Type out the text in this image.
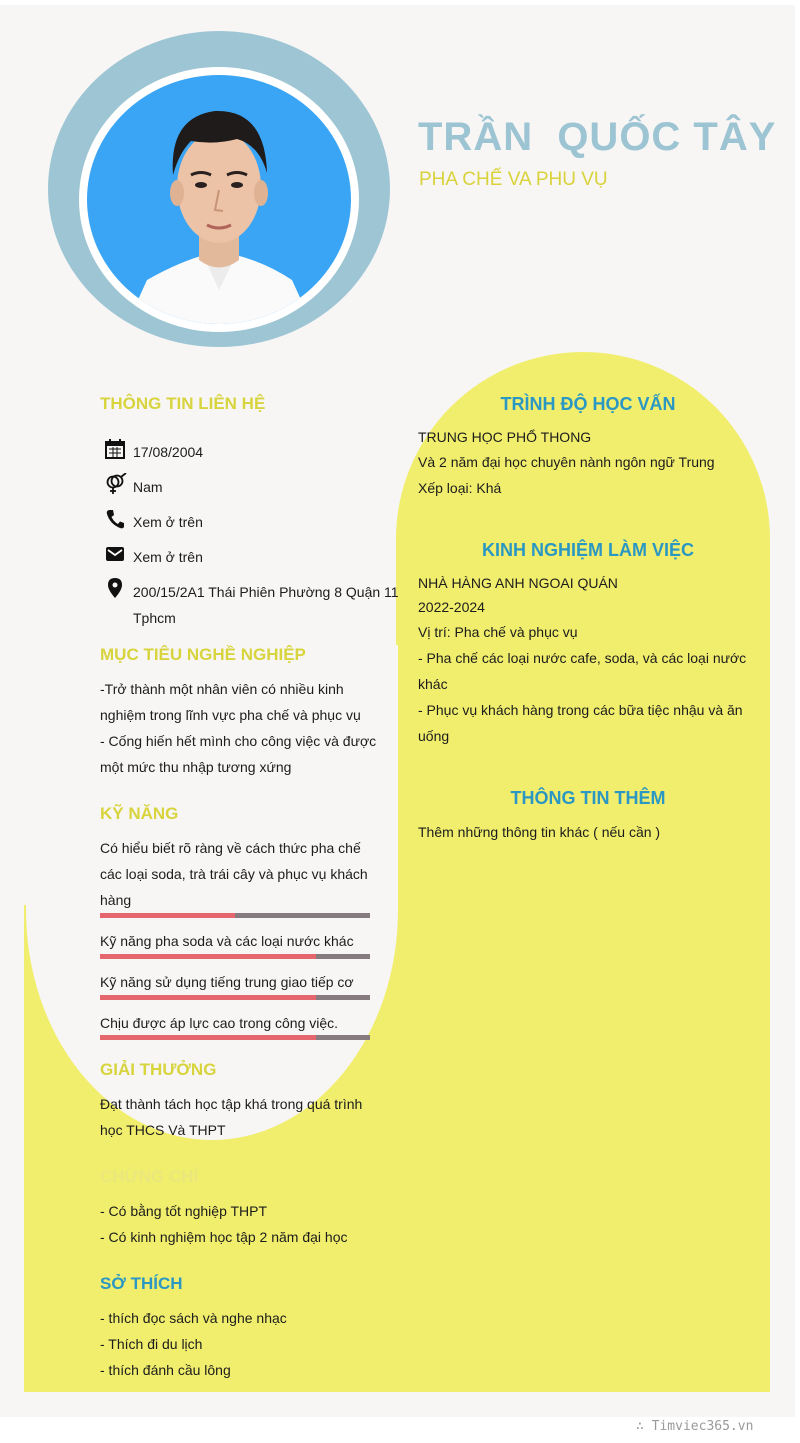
TRẦN  QUỐC TÂY
PHA CHẾ VA PHU VỤ
THÔNG TIN LIÊN HỆ
17/08/2004
Nam
Xem ở trên
Xem ở trên
200/15/2A1 Thái Phiên Phường 8 Quận 11
Tphcm
MỤC TIÊU NGHỀ NGHIỆP
-Trở thành một nhân viên có nhiều kinh
nghiệm trong lĩnh vực pha chế và phục vụ
- Cống hiến hết mình cho công việc và được
một mức thu nhập tương xứng
KỸ NĂNG
Có hiểu biết rõ ràng về cách thức pha chế
các loại soda, trà trái cây và phục vụ khách
hàng
Kỹ năng pha soda và các loại nước khác
Kỹ năng sử dụng tiếng trung giao tiếp cơ
Chịu được áp lực cao trong công việc.
GIẢI THƯỞNG
Đạt thành tách học tập khá trong quá trình
học THCS Và THPT
CHỨNG CHỈ
- Có bằng tốt nghiệp THPT
- Có kinh nghiệm học tập 2 năm đại học
SỞ THÍCH
- thích đọc sách và nghe nhạc
- Thích đi du lịch
- thích đánh cầu lông
TRÌNH ĐỘ HỌC VẤN
TRUNG HỌC PHỔ THONG
Và 2 năm đại học chuyên nành ngôn ngữ Trung
Xếp loại: Khá
KINH NGHIỆM LÀM VIỆC
NHÀ HÀNG ANH NGOAI QUÁN
2022-2024
Vị trí: Pha chế và phục vụ
- Pha chế các loại nước cafe, soda, và các loại nước
khác
- Phục vụ khách hàng trong các bữa tiệc nhậu và ăn
uống
THÔNG TIN THÊM
Thêm những thông tin khác ( nếu cần )
∴ Timviec365.vn
